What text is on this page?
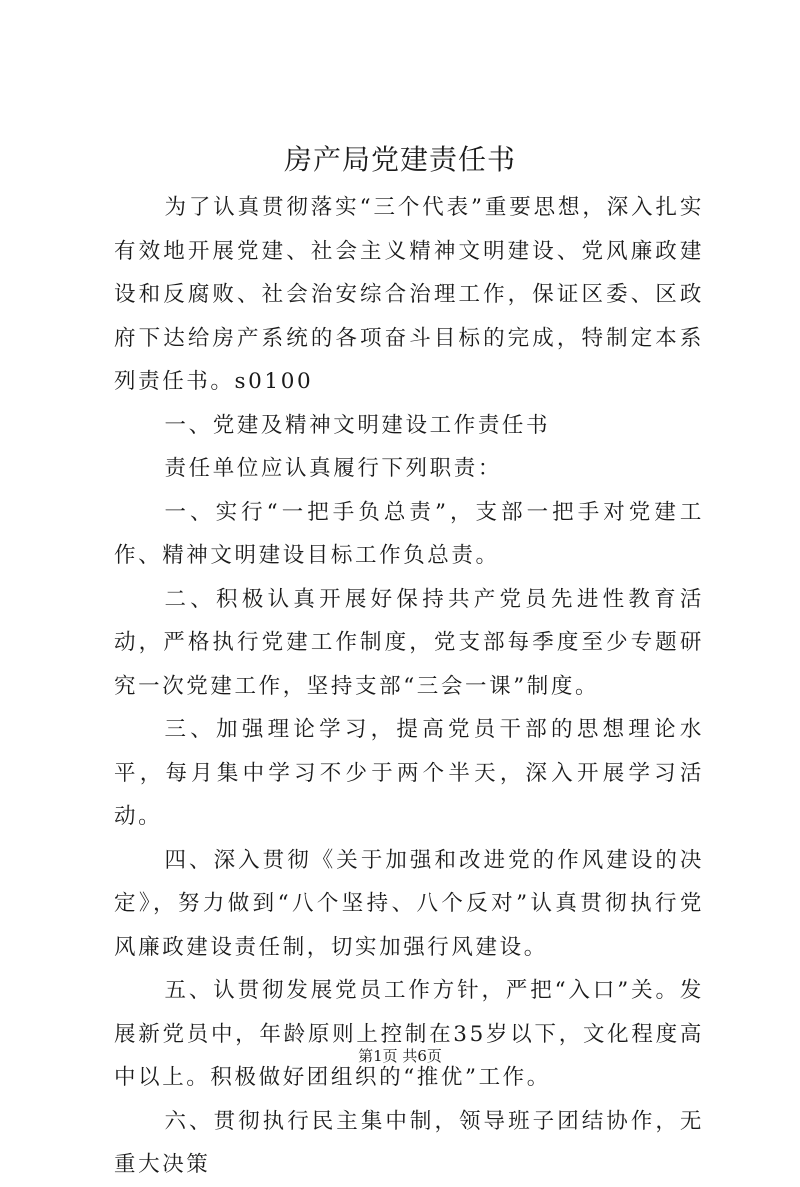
房产局党建责任书

为了认真贯彻落实“三个代表”重要思想，深入扎实有效地开展党建、社会主义精神文明建设、党风廉政建设和反腐败、社会治安综合治理工作，保证区委、区政府下达给房产系统的各项奋斗目标的完成，特制定本系列责任书。s0100

一、党建及精神文明建设工作责任书

责任单位应认真履行下列职责：

一、实行“一把手负总责”，支部一把手对党建工作、精神文明建设目标工作负总责。

二、积极认真开展好保持共产党员先进性教育活动，严格执行党建工作制度，党支部每季度至少专题研究一次党建工作，坚持支部“三会一课”制度。

三、加强理论学习，提高党员干部的思想理论水平，每月集中学习不少于两个半天，深入开展学习活动。

四、深入贯彻《关于加强和改进党的作风建设的决定》，努力做到“八个坚持、八个反对”认真贯彻执行党风廉政建设责任制，切实加强行风建设。

五、认贯彻发展党员工作方针，严把“入口”关。发展新党员中，年龄原则上控制在35岁以下，文化程度高中以上。积极做好团组织的“推优”工作。

六、贯彻执行民主集中制，领导班子团结协作，无重大决策

第1页 共6页
